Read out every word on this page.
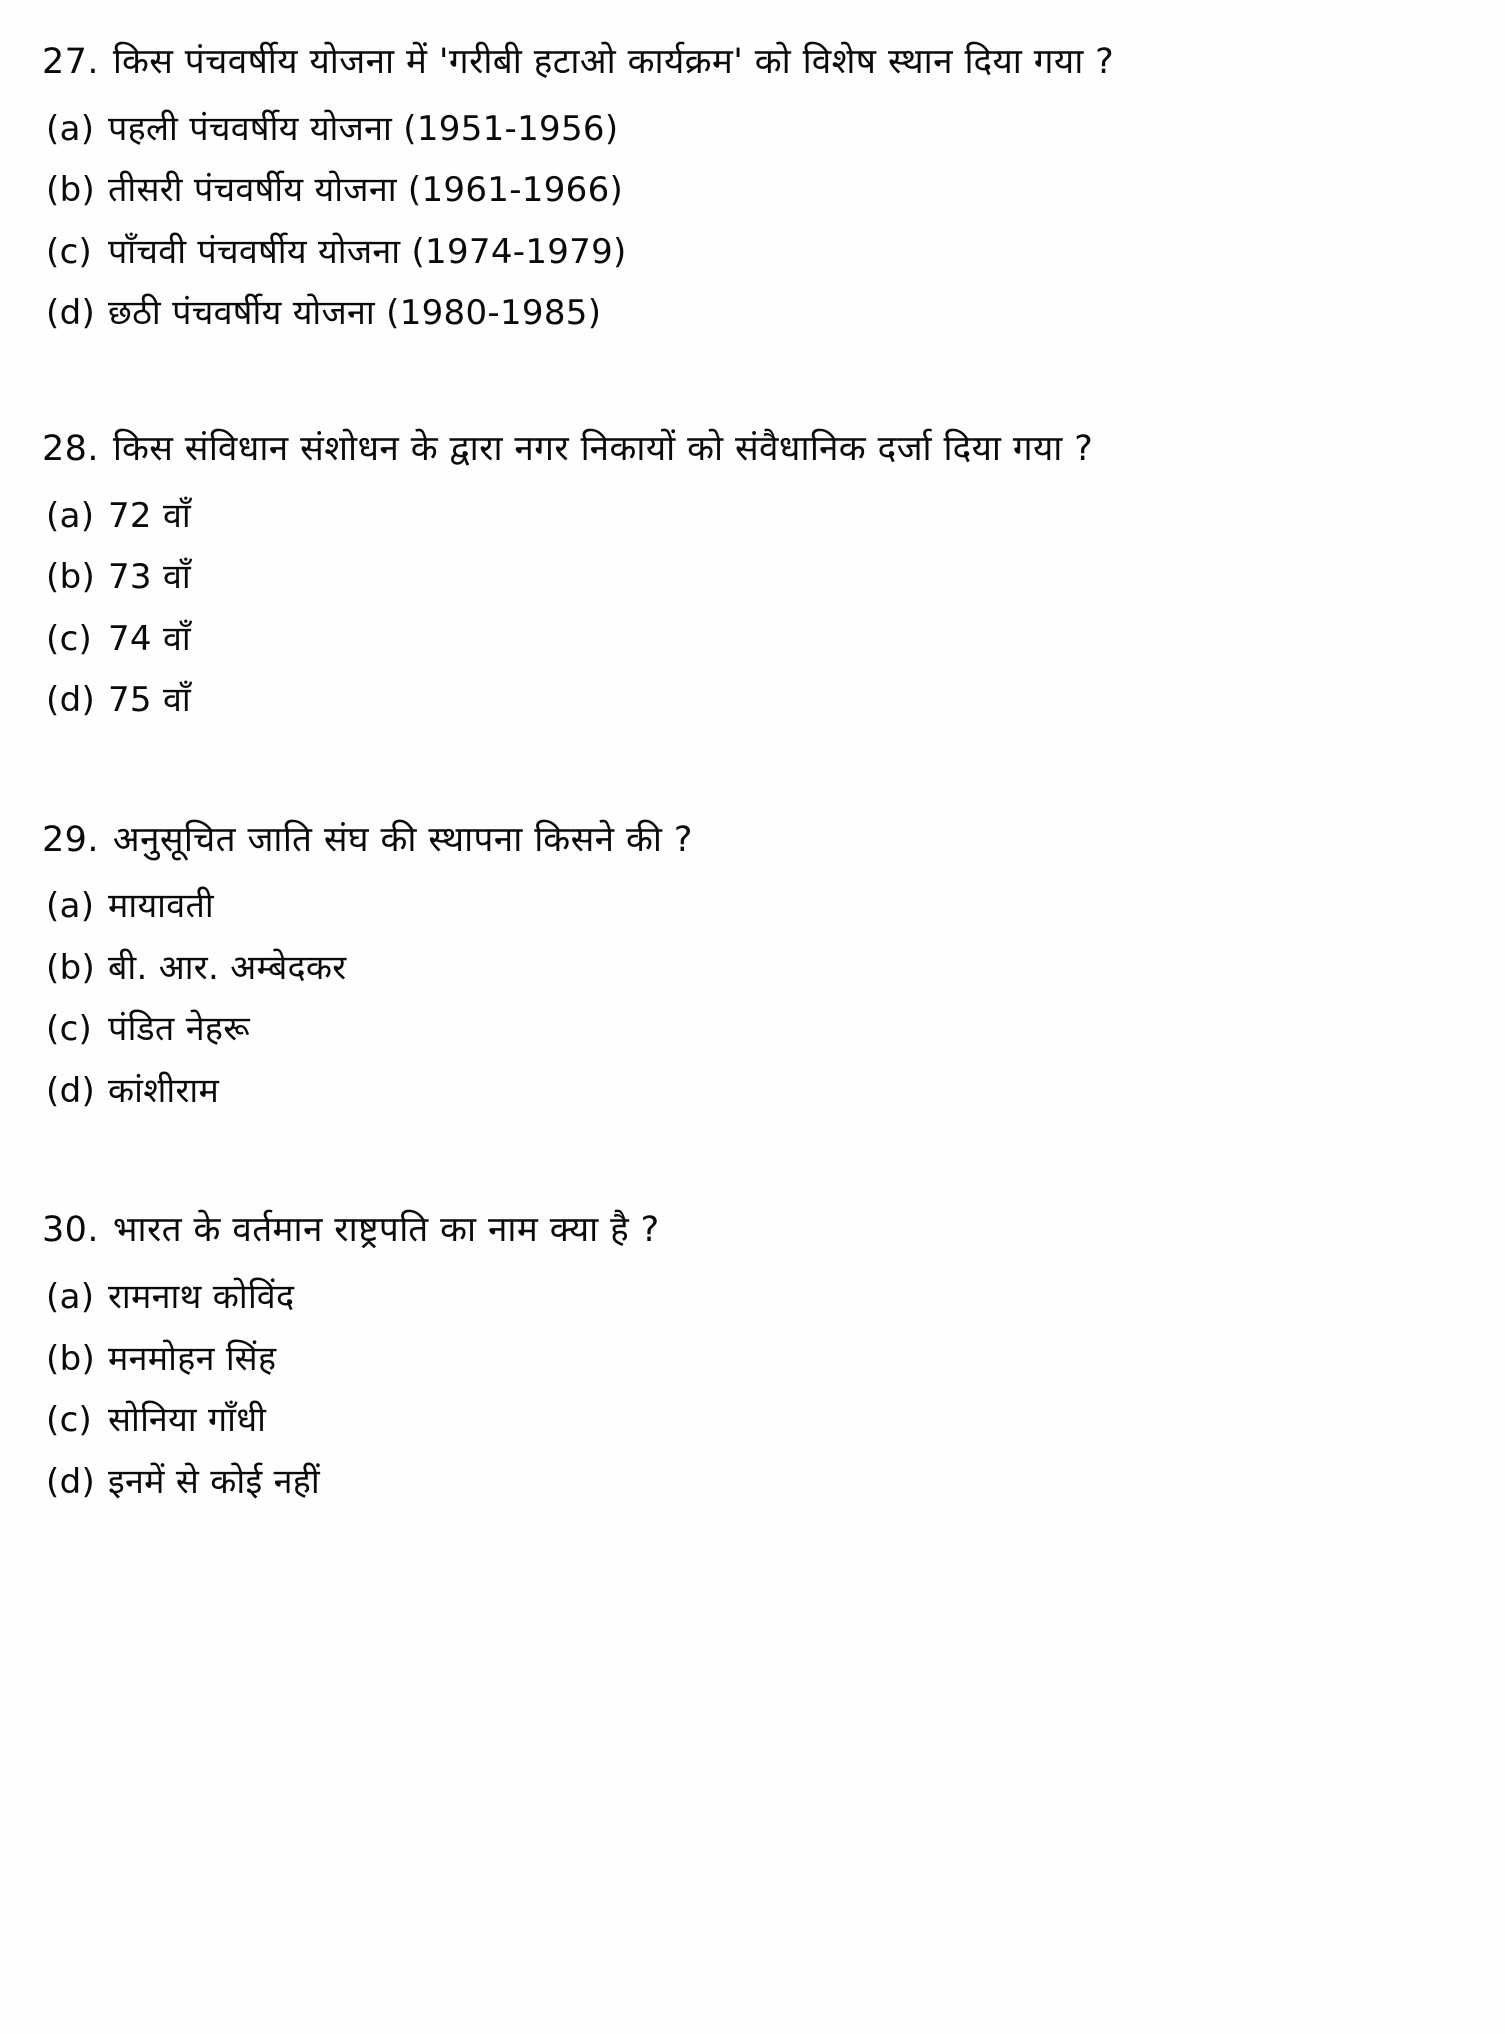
27. किस पंचवर्षीय योजना में 'गरीबी हटाओ कार्यक्रम' को विशेष स्थान दिया गया ?
(a) पहली पंचवर्षीय योजना (1951-1956)
(b) तीसरी पंचवर्षीय योजना (1961-1966)
(c) पाँचवी पंचवर्षीय योजना (1974-1979)
(d) छठी पंचवर्षीय योजना (1980-1985)
28. किस संविधान संशोधन के द्वारा नगर निकायों को संवैधानिक दर्जा दिया गया ?
(a) 72 वाँ
(b) 73 वाँ
(c) 74 वाँ
(d) 75 वाँ
29. अनुसूचित जाति संघ की स्थापना किसने की ?
(a) मायावती
(b) बी. आर. अम्बेदकर
(c) पंडित नेहरू
(d) कांशीराम
30. भारत के वर्तमान राष्ट्रपति का नाम क्या है ?
(a) रामनाथ कोविंद
(b) मनमोहन सिंह
(c) सोनिया गाँधी
(d) इनमें से कोई नहीं
